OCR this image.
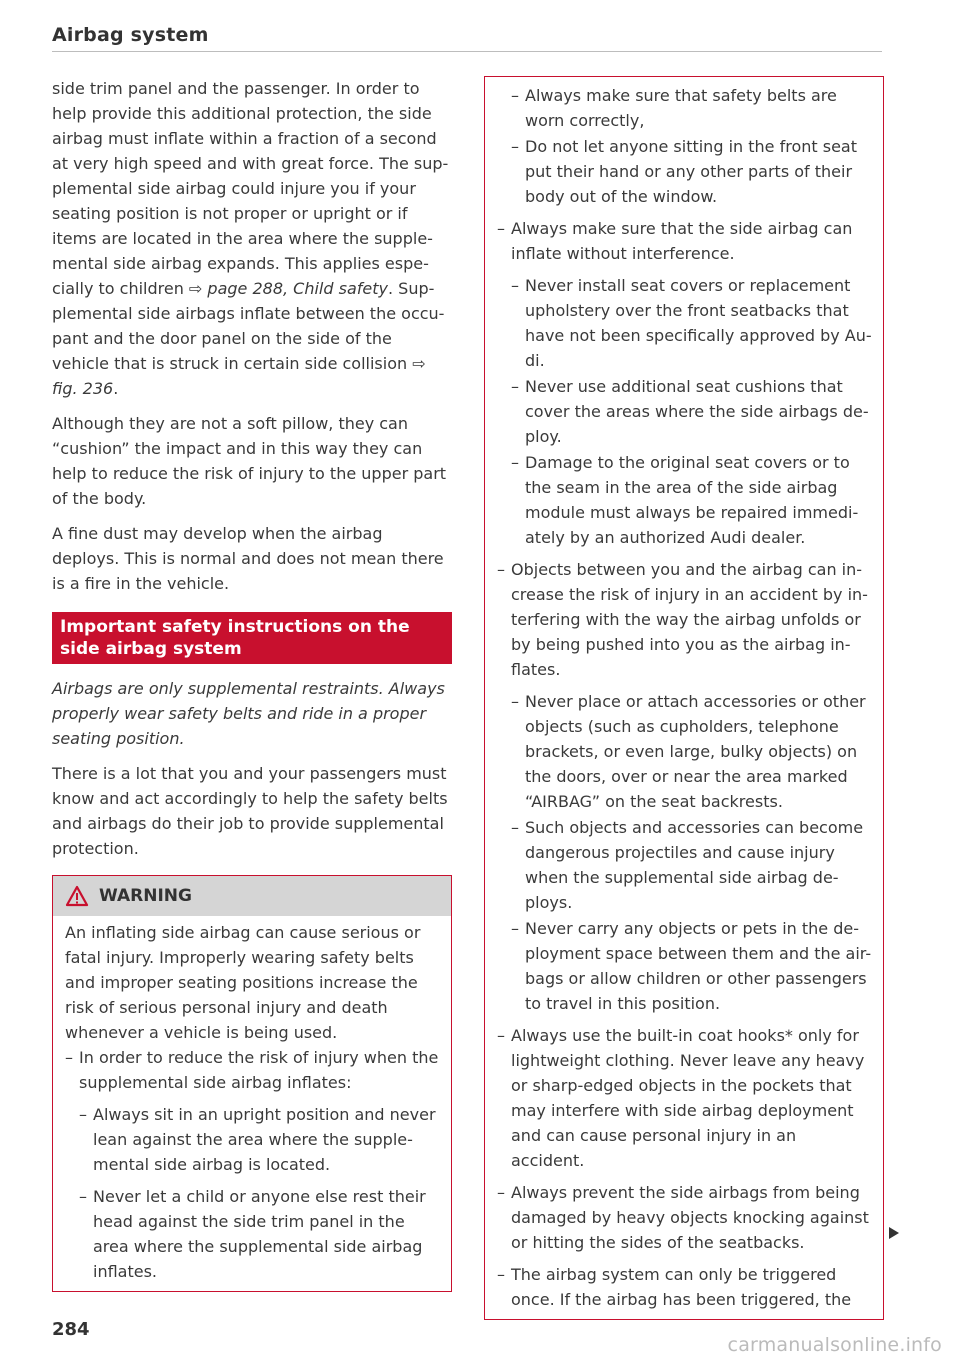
Airbag system

side trim panel and the passenger. In order to help provide this additional protection, the side airbag must inflate within a fraction of a second at very high speed and with great force. The sup-plemental side airbag could injure you if your seating position is not proper or upright or if items are located in the area where the supple-mental side airbag expands. This applies espe-cially to children ⇨ page 288, Child safety. Sup-plemental side airbags inflate between the occu-pant and the door panel on the side of the vehicle that is struck in certain side collision ⇨ fig. 236.

Although they are not a soft pillow, they can “cushion” the impact and in this way they can help to reduce the risk of injury to the upper part of the body.

A fine dust may develop when the airbag deploys. This is normal and does not mean there is a fire in the vehicle.

Important safety instructions on the side airbag system

Airbags are only supplemental restraints. Always properly wear safety belts and ride in a proper seating position.

There is a lot that you and your passengers must know and act accordingly to help the safety belts and airbags do their job to provide supplemental protection.

WARNING

An inflating side airbag can cause serious or fatal injury. Improperly wearing safety belts and improper seating positions increase the risk of serious personal injury and death whenever a vehicle is being used.

– In order to reduce the risk of injury when the supplemental side airbag inflates:
– Always sit in an upright position and never lean against the area where the supple-mental side airbag is located.
– Never let a child or anyone else rest their head against the side trim panel in the area where the supplemental side airbag inflates.
– Always make sure that safety belts are worn correctly,
– Do not let anyone sitting in the front seat put their hand or any other parts of their body out of the window.
– Always make sure that the side airbag can inflate without interference.
– Never install seat covers or replacement upholstery over the front seatbacks that have not been specifically approved by Au-di.
– Never use additional seat cushions that cover the areas where the side airbags de-ploy.
– Damage to the original seat covers or to the seam in the area of the side airbag module must always be repaired immedi-ately by an authorized Audi dealer.
– Objects between you and the airbag can in-crease the risk of injury in an accident by in-terfering with the way the airbag unfolds or by being pushed into you as the airbag in-flates.
– Never place or attach accessories or other objects (such as cupholders, telephone brackets, or even large, bulky objects) on the doors, over or near the area marked “AIRBAG” on the seat backrests.
– Such objects and accessories can become dangerous projectiles and cause injury when the supplemental side airbag de-ploys.
– Never carry any objects or pets in the de-ployment space between them and the air-bags or allow children or other passengers to travel in this position.
– Always use the built-in coat hooks* only for lightweight clothing. Never leave any heavy or sharp-edged objects in the pockets that may interfere with side airbag deployment and can cause personal injury in an accident.
– Always prevent the side airbags from being damaged by heavy objects knocking against or hitting the sides of the seatbacks.
– The airbag system can only be triggered once. If the airbag has been triggered, the
284
carmanualsonline.info
